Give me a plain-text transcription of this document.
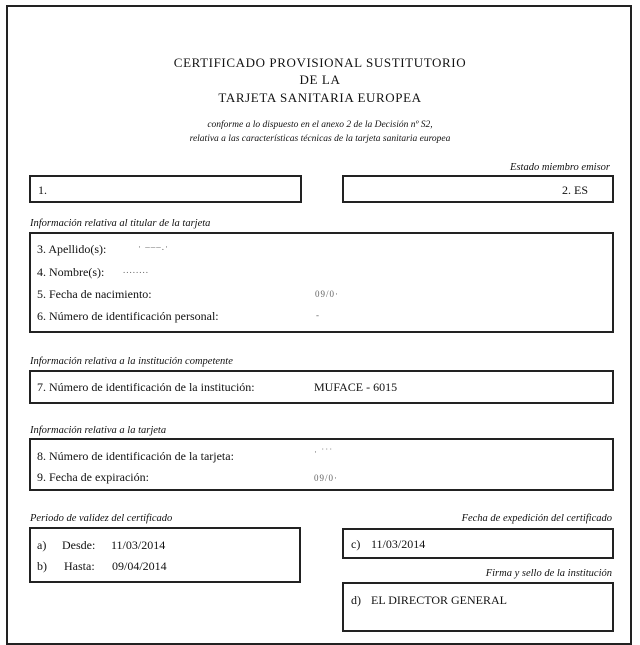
CERTIFICADO PROVISIONAL SUSTITUTORIO
DE LA
TARJETA SANITARIA EUROPEA
conforme a lo dispuesto en el anexo 2 de la Decisión nº S2,
relativa a las características técnicas de la tarjeta sanitaria europea
Estado miembro emisor
1.	2. ES
Información relativa al titular de la tarjeta
3. Apellido(s):	· ‒‒‒.·
4. Nombre(s): ........
5. Fecha de nacimiento:	09/0·
6. Número de identificación personal:	-
Información relativa a la institución competente
7. Número de identificación de la institución:	MUFACE - 6015
Información relativa a la tarjeta
8. Número de identificación de la tarjeta:	· ˙˙˙
9. Fecha de expiración:	09/0·
Periodo de validez del certificado
a) Desde: 11/03/2014
b) Hasta: 09/04/2014
Fecha de expedición del certificado
c) 11/03/2014
Firma y sello de la institución
d) EL DIRECTOR GENERAL
